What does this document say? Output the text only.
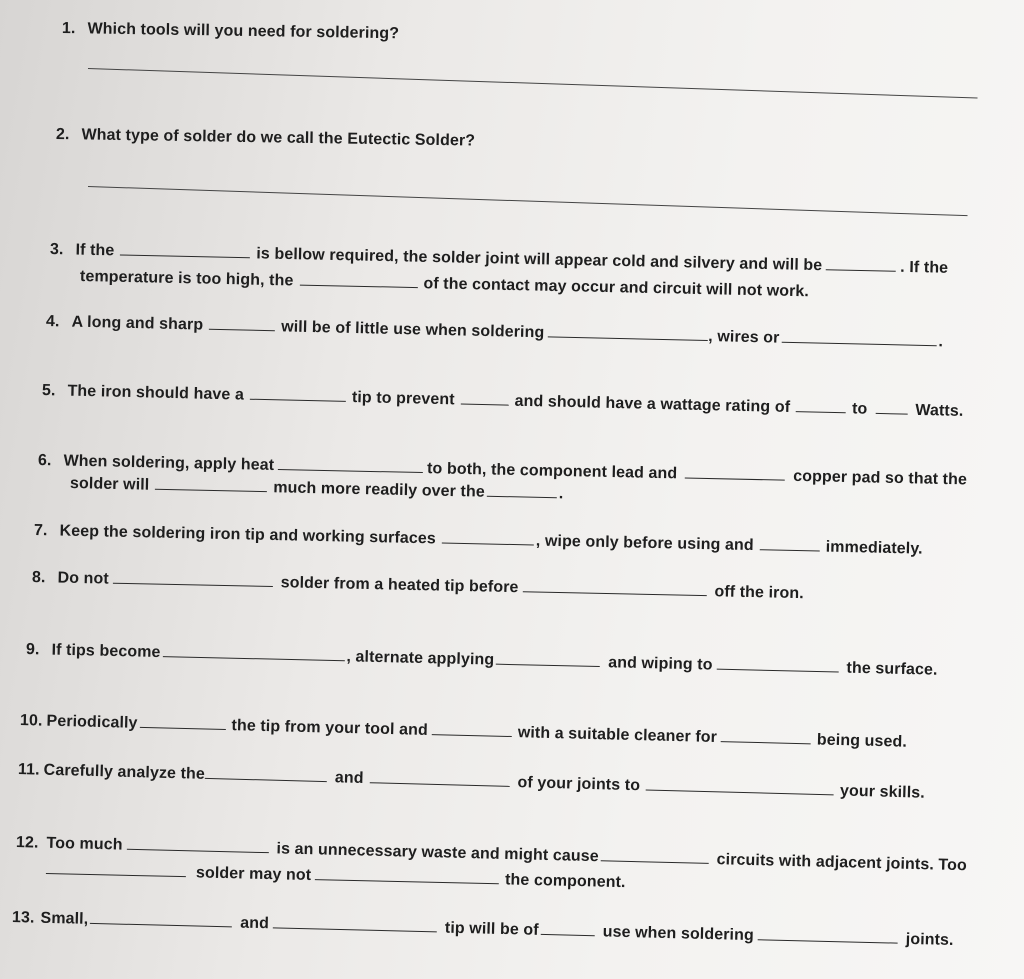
1. Which tools will you need for soldering?
2. What type of solder do we call the Eutectic Solder?
3. If the	is bellow required, the solder joint will appear cold and silvery and will be	. If the
temperature is too high, the	of the contact may occur and circuit will not work.
4. A long and sharp	will be of little use when soldering	, wires or	.
5. The iron should have a	tip to prevent	and should have a wattage rating of	to	Watts.
6. When soldering, apply heat	to both, the component lead and	copper pad so that the
solder will	much more readily over the	.
7. Keep the soldering iron tip and working surfaces	, wipe only before using and	immediately.
8. Do not	solder from a heated tip before	off the iron.
9. If tips become	, alternate applying	and wiping to	the surface.
10. Periodically	the tip from your tool and	with a suitable cleaner for	being used.
11. Carefully analyze the	and	of your joints to	your skills.
12. Too much	is an unnecessary waste and might cause	circuits with adjacent joints. Too
solder may not	the component.
13. Small,	and	tip will be of	use when soldering	joints.
